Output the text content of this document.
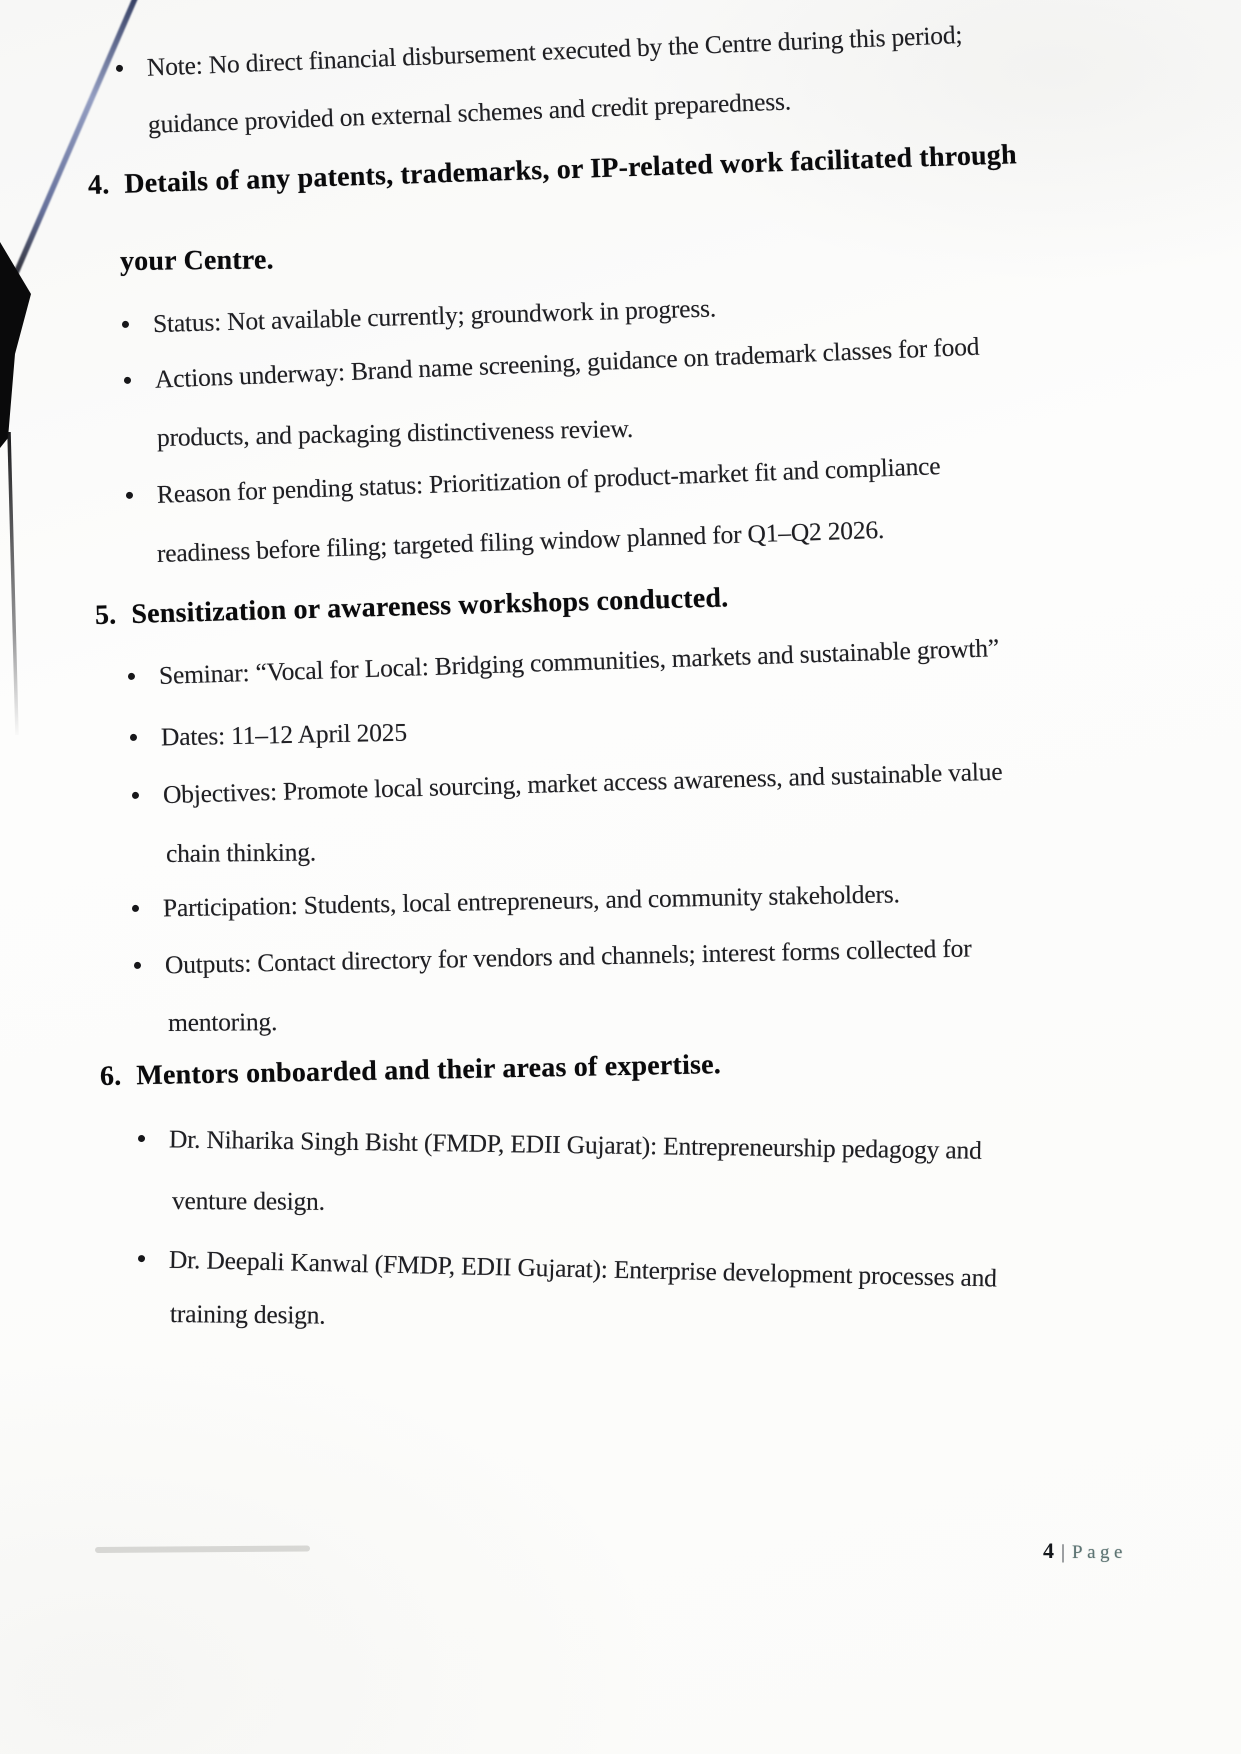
Note: No direct financial disbursement executed by the Centre during this period;
guidance provided on external schemes and credit preparedness.
4. Details of any patents, trademarks, or IP-related work facilitated through
your Centre.
Status: Not available currently; groundwork in progress.
Actions underway: Brand name screening, guidance on trademark classes for food
products, and packaging distinctiveness review.
Reason for pending status: Prioritization of product-market fit and compliance
readiness before filing; targeted filing window planned for Q1–Q2 2026.
5. Sensitization or awareness workshops conducted.
Seminar: “Vocal for Local: Bridging communities, markets and sustainable growth”
Dates: 11–12 April 2025
Objectives: Promote local sourcing, market access awareness, and sustainable value
chain thinking.
Participation: Students, local entrepreneurs, and community stakeholders.
Outputs: Contact directory for vendors and channels; interest forms collected for
mentoring.
6. Mentors onboarded and their areas of expertise.
Dr. Niharika Singh Bisht (FMDP, EDII Gujarat): Entrepreneurship pedagogy and
venture design.
Dr. Deepali Kanwal (FMDP, EDII Gujarat): Enterprise development processes and
training design.
4 | Page
